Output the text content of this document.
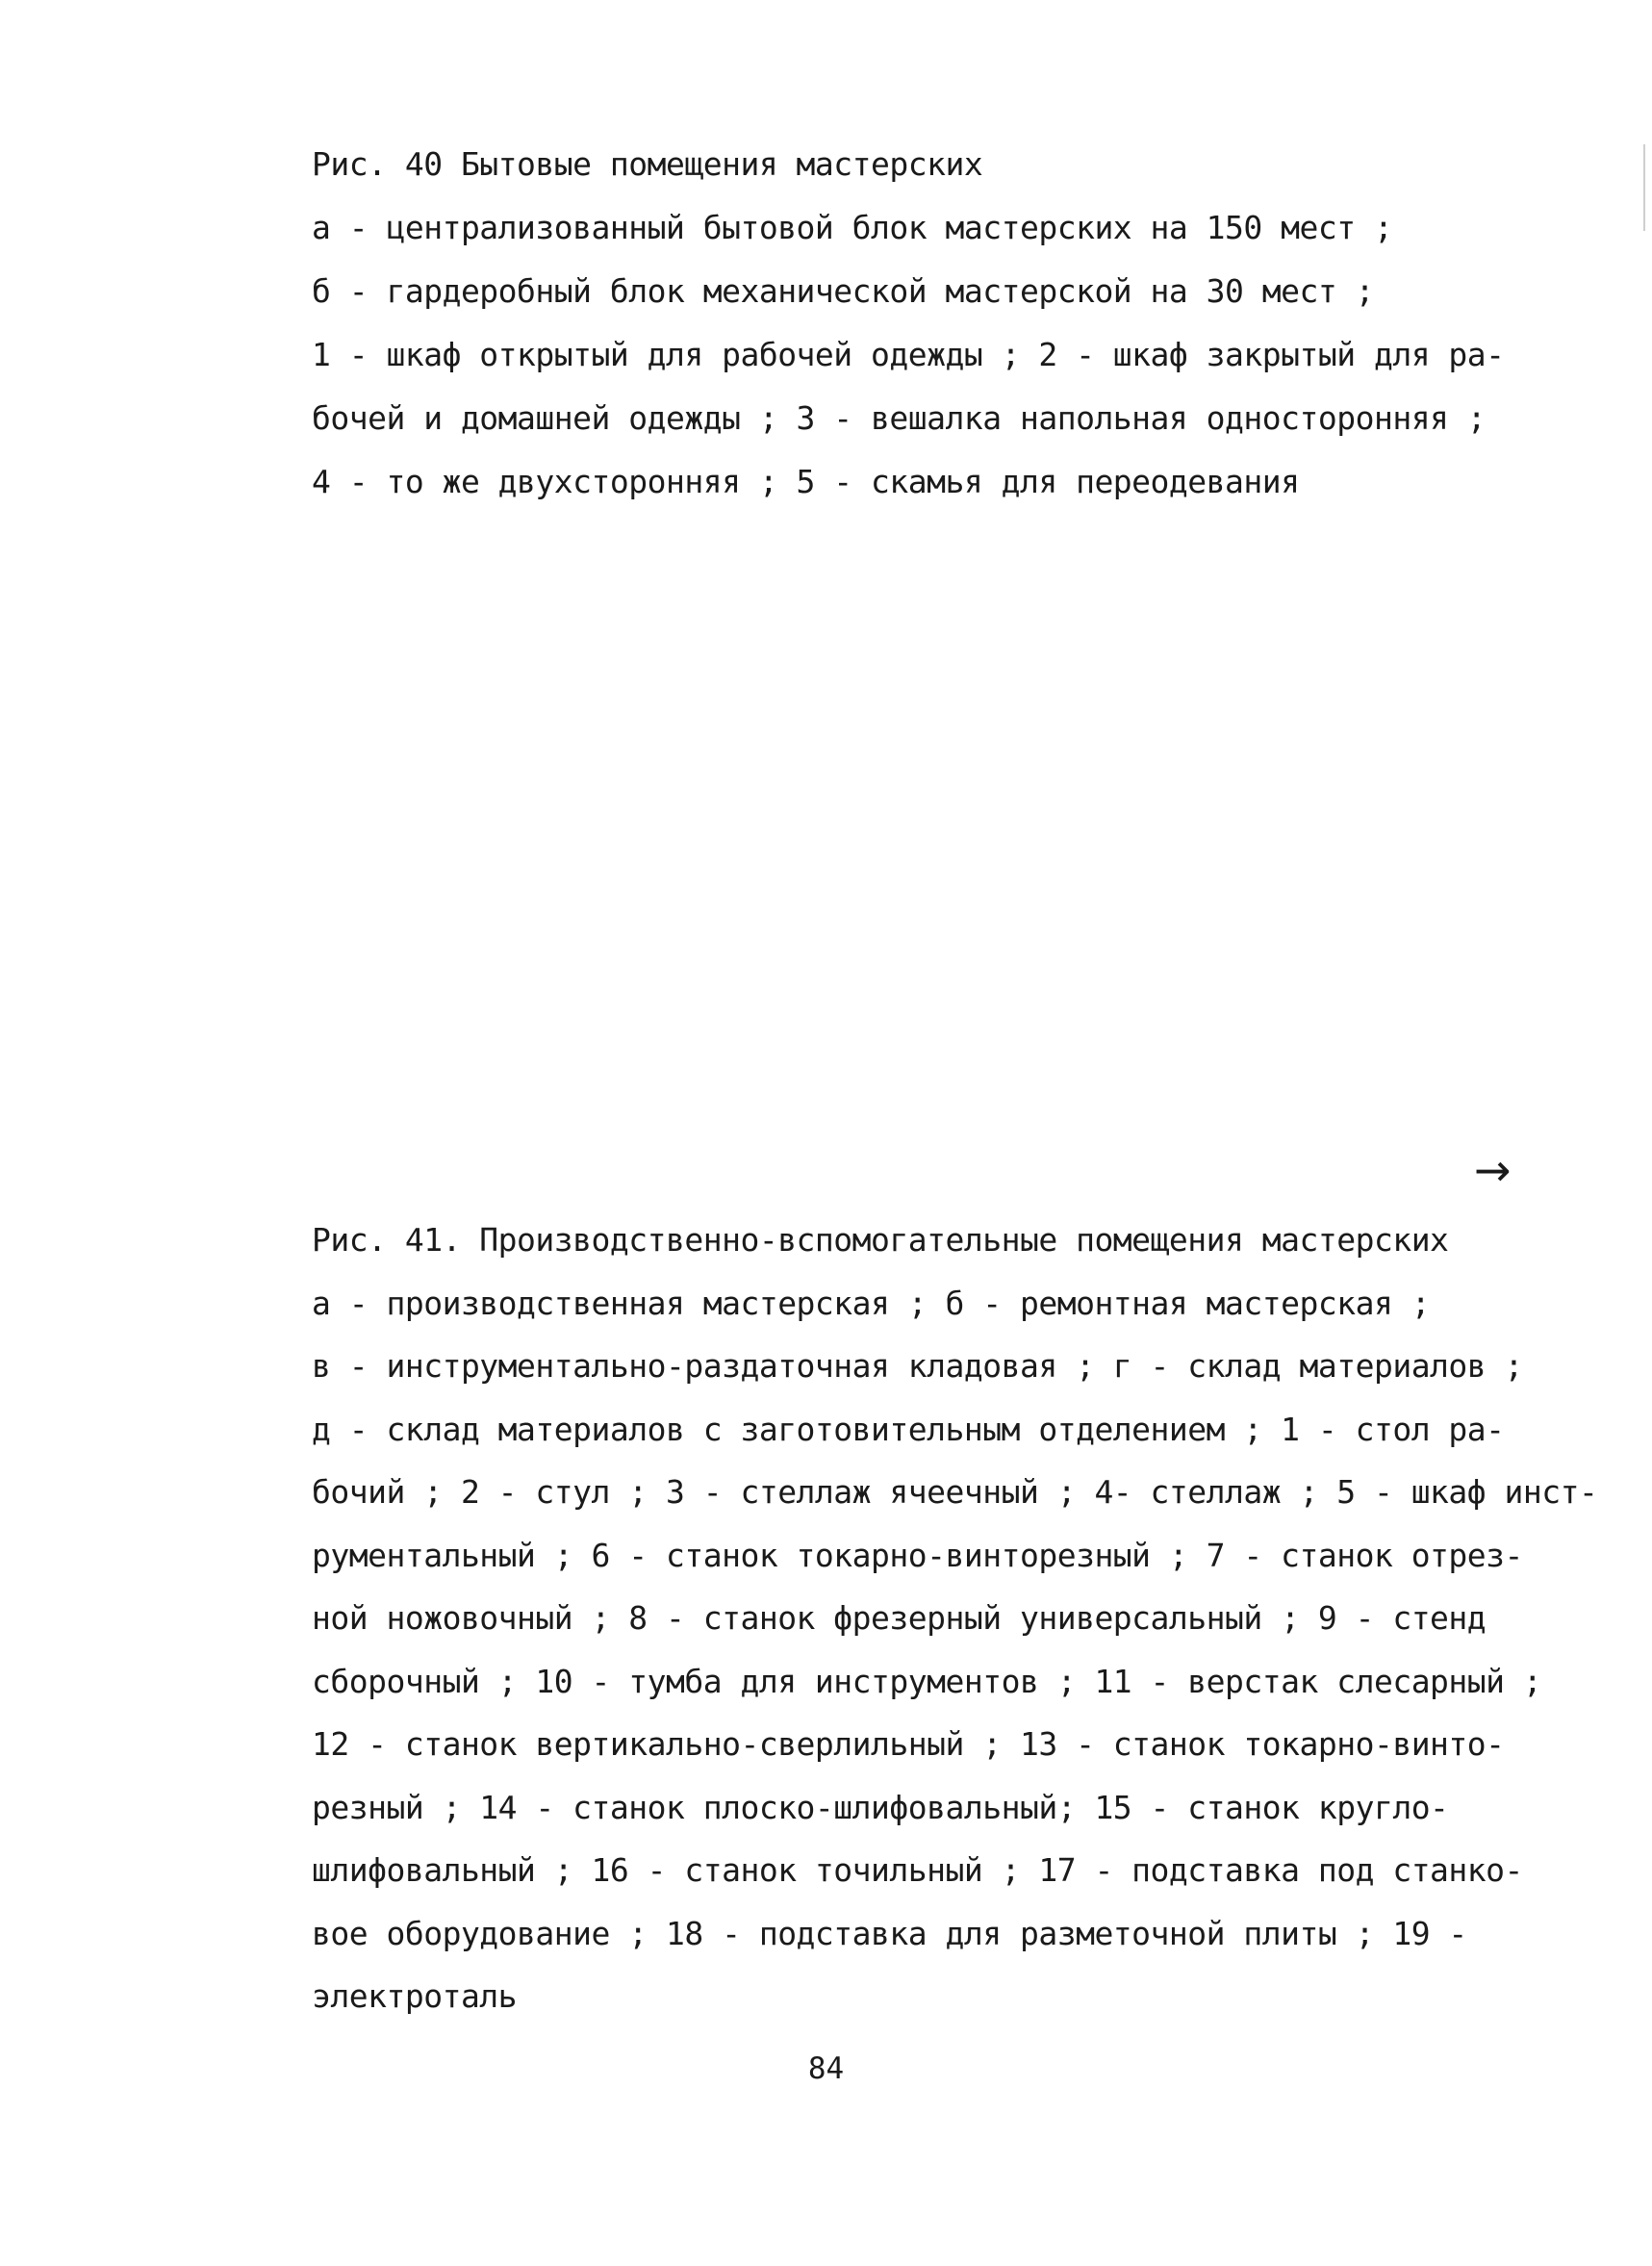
Рис. 40 Бытовые помещения мастерских
а - централизованный бытовой блок мастерских на 150 мест ;
б - гардеробный блок механической мастерской на 30 мест ;
1 - шкаф открытый для рабочей одежды ; 2 - шкаф закрытый для ра-
бочей и домашней одежды ; 3 - вешалка напольная односторонняя ;
4 - то же двухсторонняя ; 5 - скамья для переодевания
→
Рис. 41. Производственно-вспомогательные помещения мастерских
а - производственная мастерская ; б - ремонтная мастерская ;
в - инструментально-раздаточная кладовая ; г - склад материалов ;
д - склад материалов с заготовительным отделением ; 1 - стол ра-
бочий ; 2 - стул ; 3 - стеллаж ячеечный ; 4- стеллаж ; 5 - шкаф инст-
рументальный ; 6 - станок токарно-винторезный ; 7 - станок отрез-
ной ножовочный ; 8 - станок фрезерный универсальный ; 9 - стенд
сборочный ; 10 - тумба для инструментов ; 11 - верстак слесарный ;
12 - станок вертикально-сверлильный ; 13 - станок токарно-винто-
резный ; 14 - станок плоско-шлифовальный; 15 - станок кругло-
шлифовальный ; 16 - станок точильный ; 17 - подставка под станко-
вое оборудование ; 18 - подставка для разметочной плиты ; 19 -
электроталь
84
